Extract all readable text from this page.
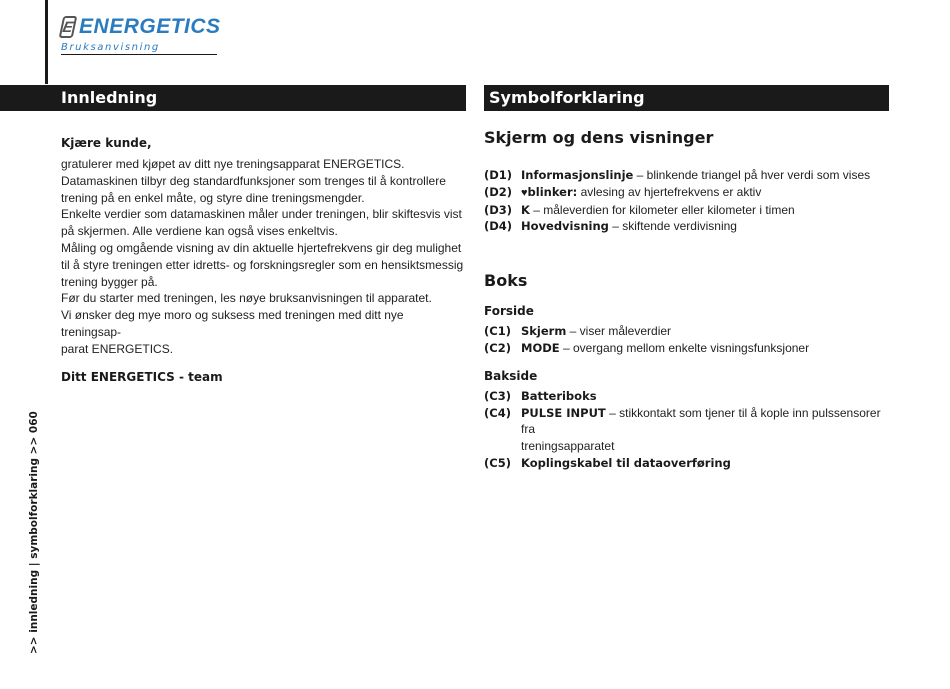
E ENERGETICS
Bruksanvisning
Innledning	Symbolforklaring
Kjære kunde,
gratulerer med kjøpet av ditt nye treningsapparat ENERGETICS.
Datamaskinen tilbyr deg standardfunksjoner som trenges til å kontrollere
trening på en enkel måte, og styre dine treningsmengder.
Enkelte verdier som datamaskinen måler under treningen, blir skiftesvis vist
på skjermen. Alle verdiene kan også vises enkeltvis.
Måling og omgående visning av din aktuelle hjertefrekvens gir deg mulighet
til å styre treningen etter idretts- og forskningsregler som en hensiktsmessig
trening bygger på.
Før du starter med treningen, les nøye bruksanvisningen til apparatet.
Vi ønsker deg mye moro og suksess med treningen med ditt nye treningsap-
parat ENERGETICS.
Ditt ENERGETICS - team
Skjerm og dens visninger
(D1) Informasjonslinje – blinkende triangel på hver verdi som vises
(D2) ♥blinker: avlesing av hjertefrekvens er aktiv
(D3) K – måleverdien for kilometer eller kilometer i timen
(D4) Hovedvisning – skiftende verdivisning
Boks
Forside
(C1) Skjerm – viser måleverdier
(C2) MODE – overgang mellom enkelte visningsfunksjoner
Bakside
(C3) Batteriboks
(C4) PULSE INPUT – stikkontakt som tjener til å kople inn pulssensorer fra
treningsapparatet
(C5) Koplingskabel til dataoverføring
>> innledning | symbolforklaring >> 060
